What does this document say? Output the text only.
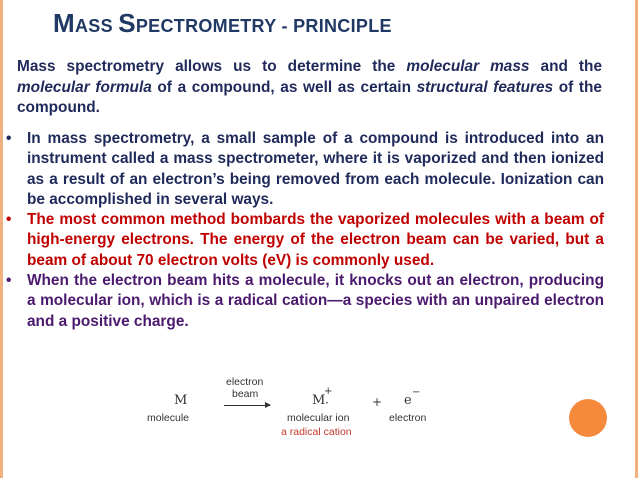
MASS SPECTROMETRY - PRINCIPLE
Mass spectrometry allows us to determine the molecular mass and the molecular formula of a compound, as well as certain structural features of the compound.
• In mass spectrometry, a small sample of a compound is introduced into an instrument called a mass spectrometer, where it is vaporized and then ionized as a result of an electron’s being removed from each molecule. Ionization can be accomplished in several ways.
• The most common method bombards the vaporized molecules with a beam of high-energy electrons. The energy of the electron beam can be varied, but a beam of about 70 electron volts (eV) is commonly used.
• When the electron beam hits a molecule, it knocks out an electron, producing a molecular ion, which is a radical cation—a species with an unpaired electron and a positive charge.
M
molecule
electron
beam	M
+
·
molecular ion
a radical cation
+ e
−
electron
